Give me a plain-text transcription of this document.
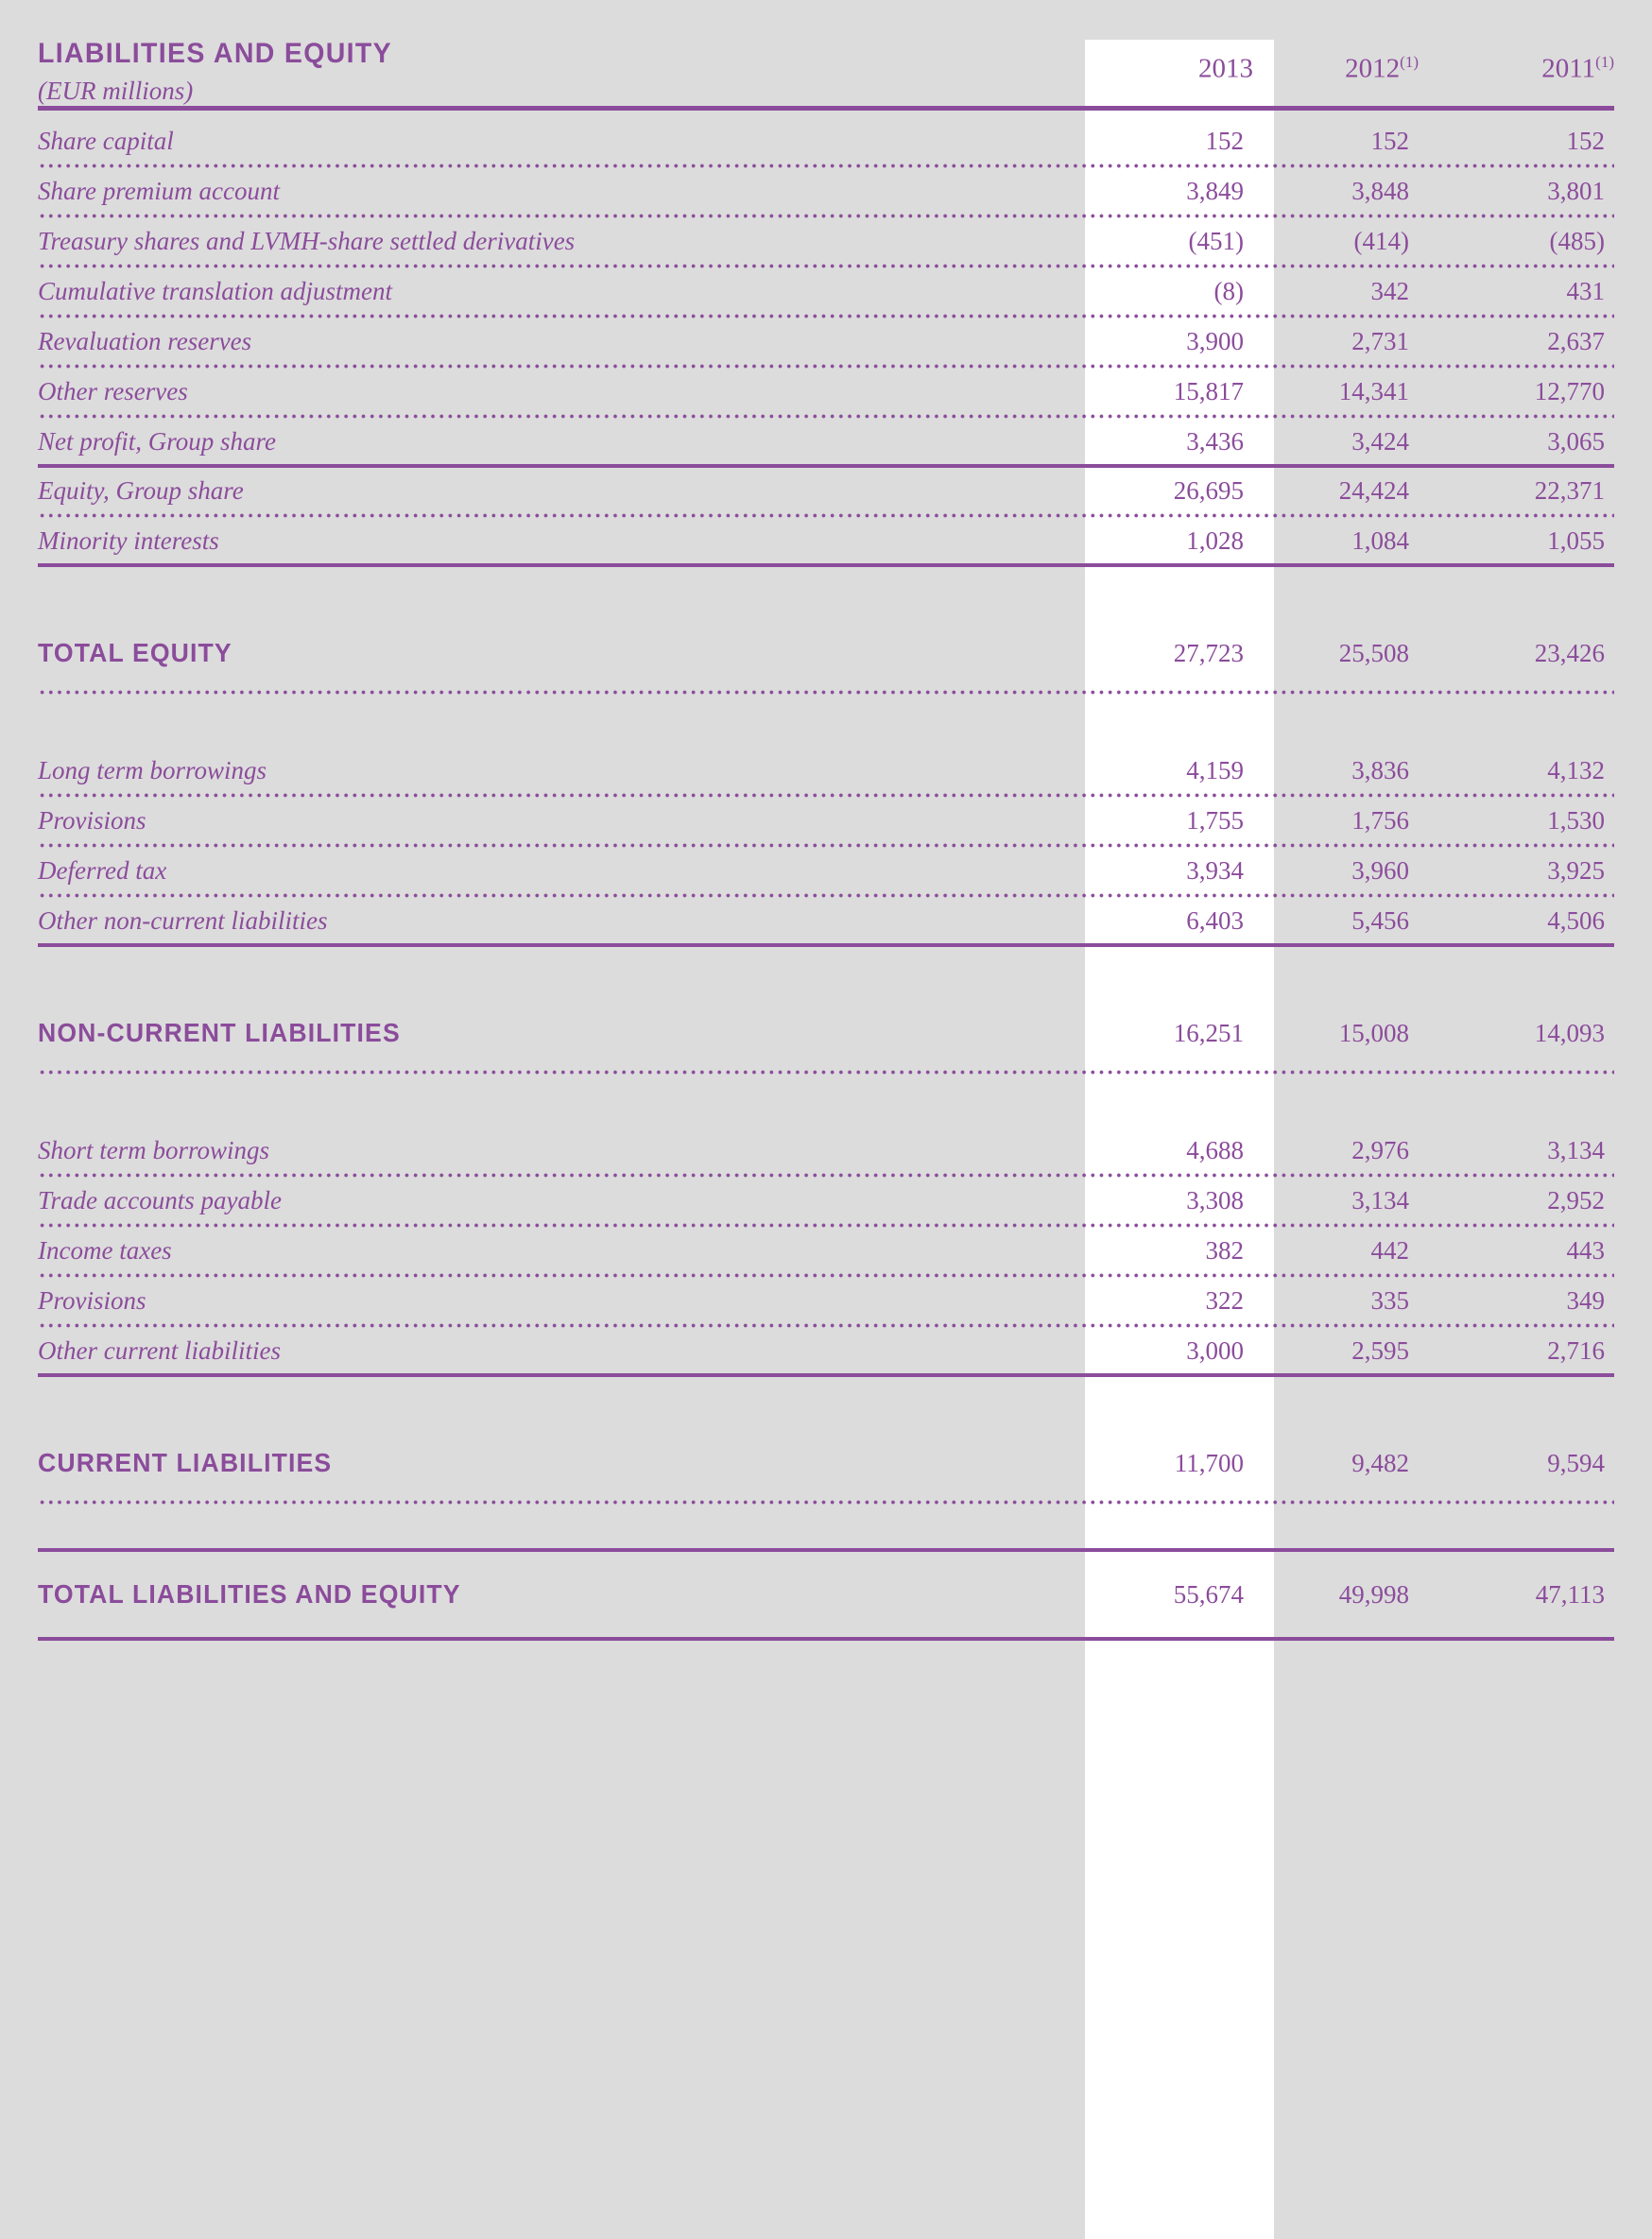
LIABILITIES AND EQUITY
(EUR millions)
2013	2012$^{(1)}$	2011$^{(1)}$
Share capital	152	152	152
Share premium account	3,849	3,848	3,801
Treasury shares and LVMH-share settled derivatives	(451)	(414)	(485)
Cumulative translation adjustment	(8)	342	431
Revaluation reserves	3,900	2,731	2,637
Other reserves	15,817	14,341	12,770
Net profit, Group share	3,436	3,424	3,065
Equity, Group share	26,695	24,424	22,371
Minority interests	1,028	1,084	1,055
TOTAL EQUITY	27,723	25,508	23,426
Long term borrowings	4,159	3,836	4,132
Provisions	1,755	1,756	1,530
Deferred tax	3,934	3,960	3,925
Other non-current liabilities	6,403	5,456	4,506
NON-CURRENT LIABILITIES	16,251	15,008	14,093
Short term borrowings	4,688	2,976	3,134
Trade accounts payable	3,308	3,134	2,952
Income taxes	382	442	443
Provisions	322	335	349
Other current liabilities	3,000	2,595	2,716
CURRENT LIABILITIES	11,700	9,482	9,594
TOTAL LIABILITIES AND EQUITY	55,674	49,998	47,113
